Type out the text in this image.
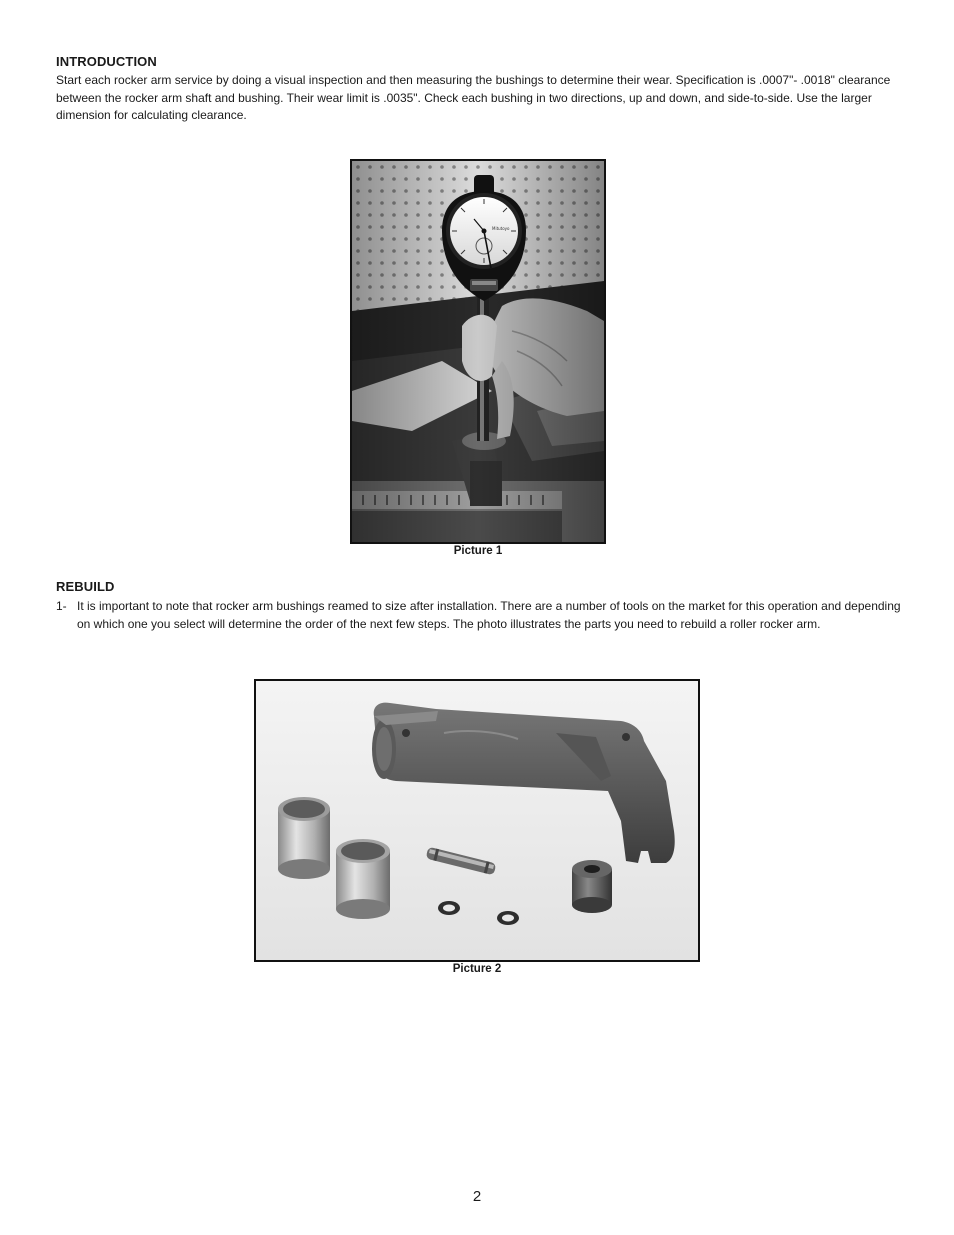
INTRODUCTION
Start each rocker arm service by doing a visual inspection and then measuring the bushings to determine their wear. Specification is .0007"- .0018" clearance between the rocker arm shaft and bushing. Their wear limit is .0035". Check each bushing in two directions, up and down, and side-to-side. Use the larger dimension for calculating clearance.
Mitutoyo
Picture 1
REBUILD
1- It is important to note that rocker arm bushings reamed to size after installation. There are a number of tools on the market for this operation and depending on which one you select will determine the order of the next few steps. The photo illustrates the parts you need to rebuild a roller rocker arm.
Picture 2
2
